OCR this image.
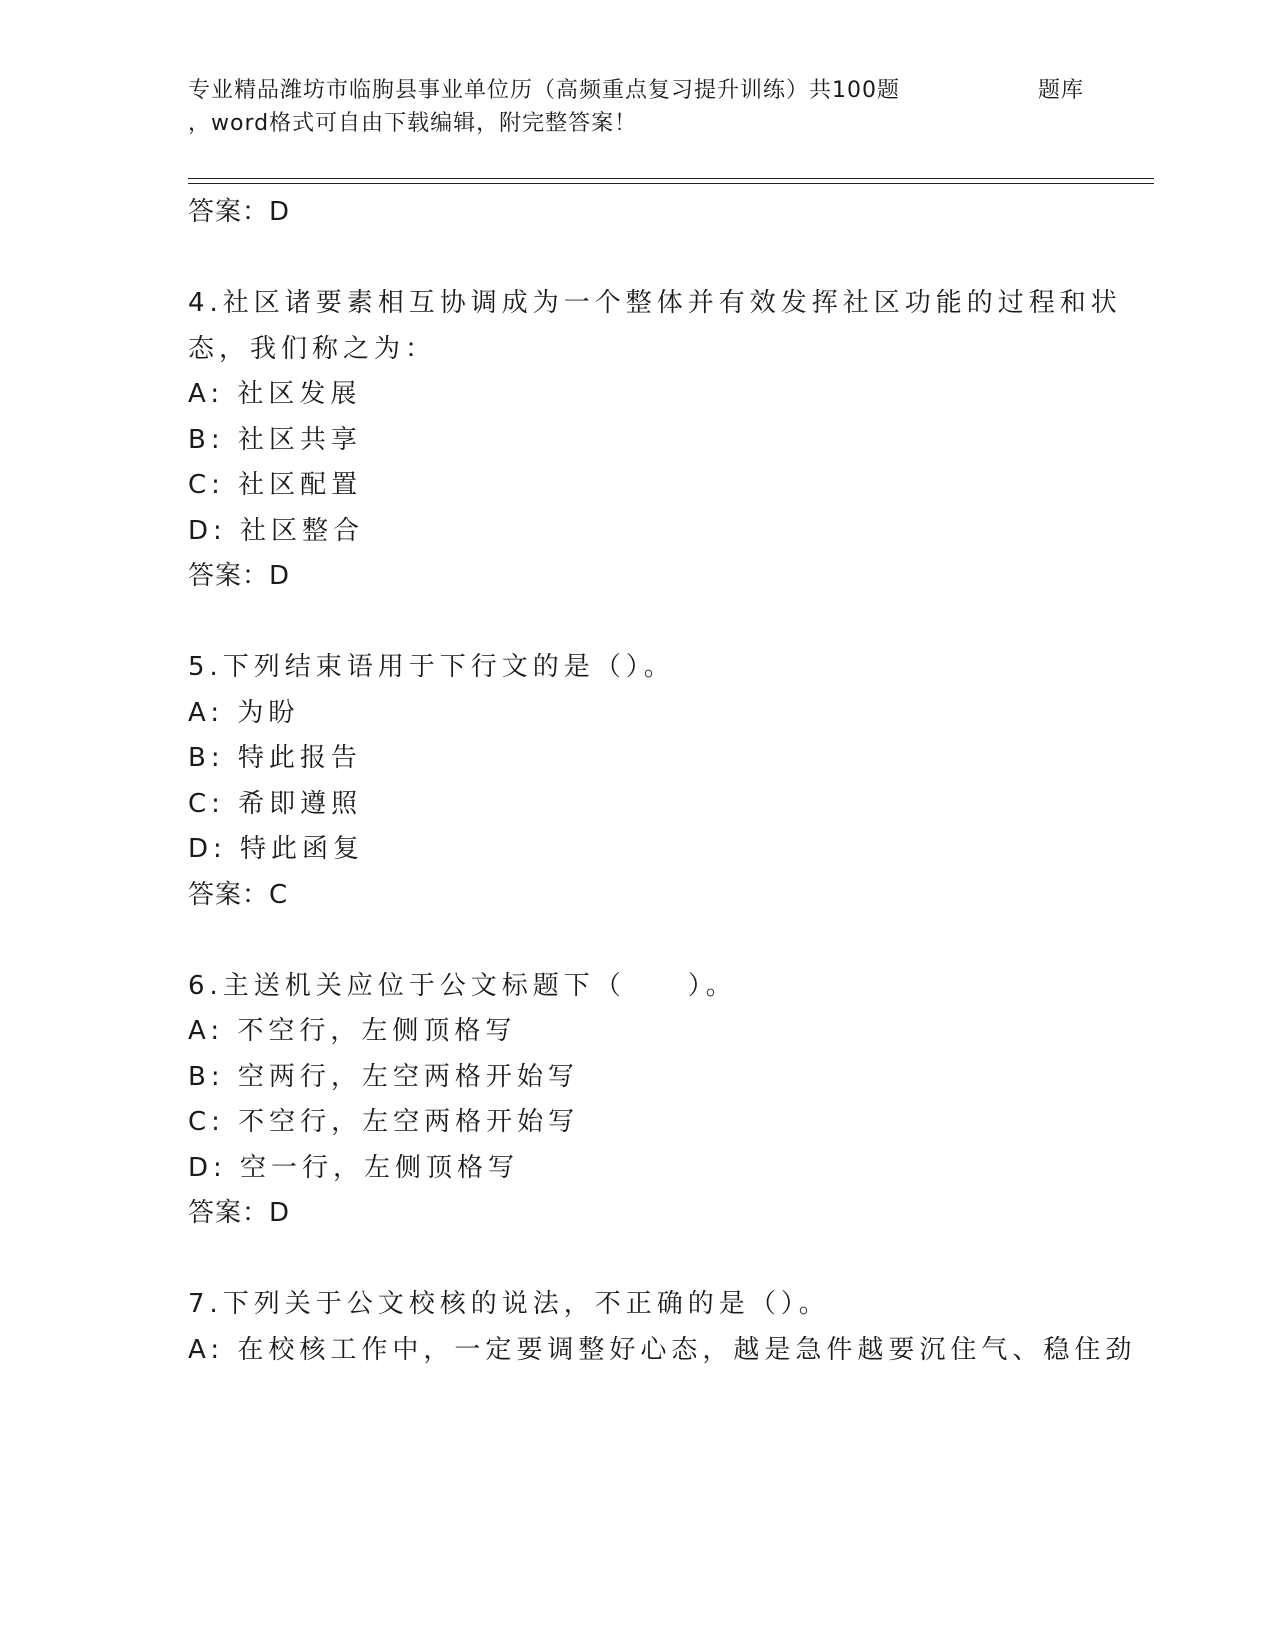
专业精品潍坊市临朐县事业单位历（高频重点复习提升训练）共100题	题库
，word格式可自由下载编辑，附完整答案！
答案：D
4.社区诸要素相互协调成为一个整体并有效发挥社区功能的过程和状
态，我们称之为：
A: 社区发展
B: 社区共享
C: 社区配置
D: 社区整合
答案：D
5.下列结束语用于下行文的是（）。
A: 为盼
B: 特此报告
C: 希即遵照
D: 特此函复
答案：C
6.主送机关应位于公文标题下（　　）。
A: 不空行，左侧顶格写
B: 空两行，左空两格开始写
C: 不空行，左空两格开始写
D: 空一行，左侧顶格写
答案：D
7.下列关于公文校核的说法，不正确的是（）。
A: 在校核工作中，一定要调整好心态，越是急件越要沉住气、稳住劲
